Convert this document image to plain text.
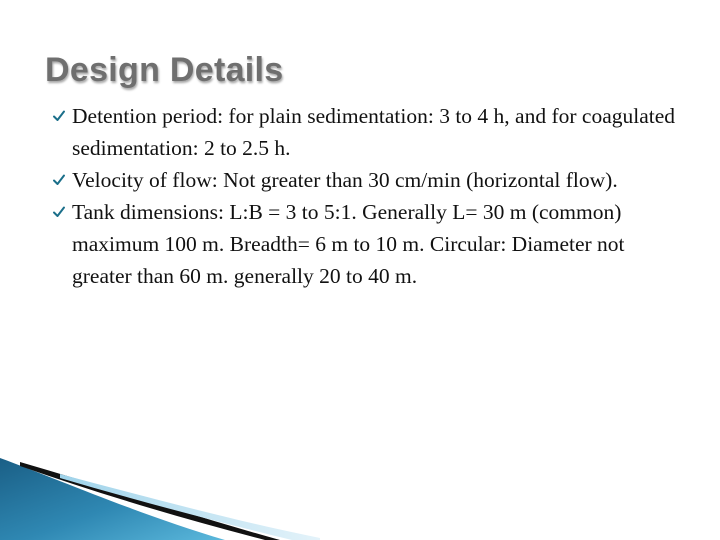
Design Details
Detention period: for plain sedimentation: 3 to 4 h, and for coagulated sedimentation: 2 to 2.5 h.
Velocity of flow: Not greater than 30 cm/min (horizontal flow).
Tank dimensions: L:B = 3 to 5:1. Generally L= 30 m (common) maximum 100 m. Breadth= 6 m to 10 m. Circular: Diameter not greater than 60 m. generally 20 to 40 m.
